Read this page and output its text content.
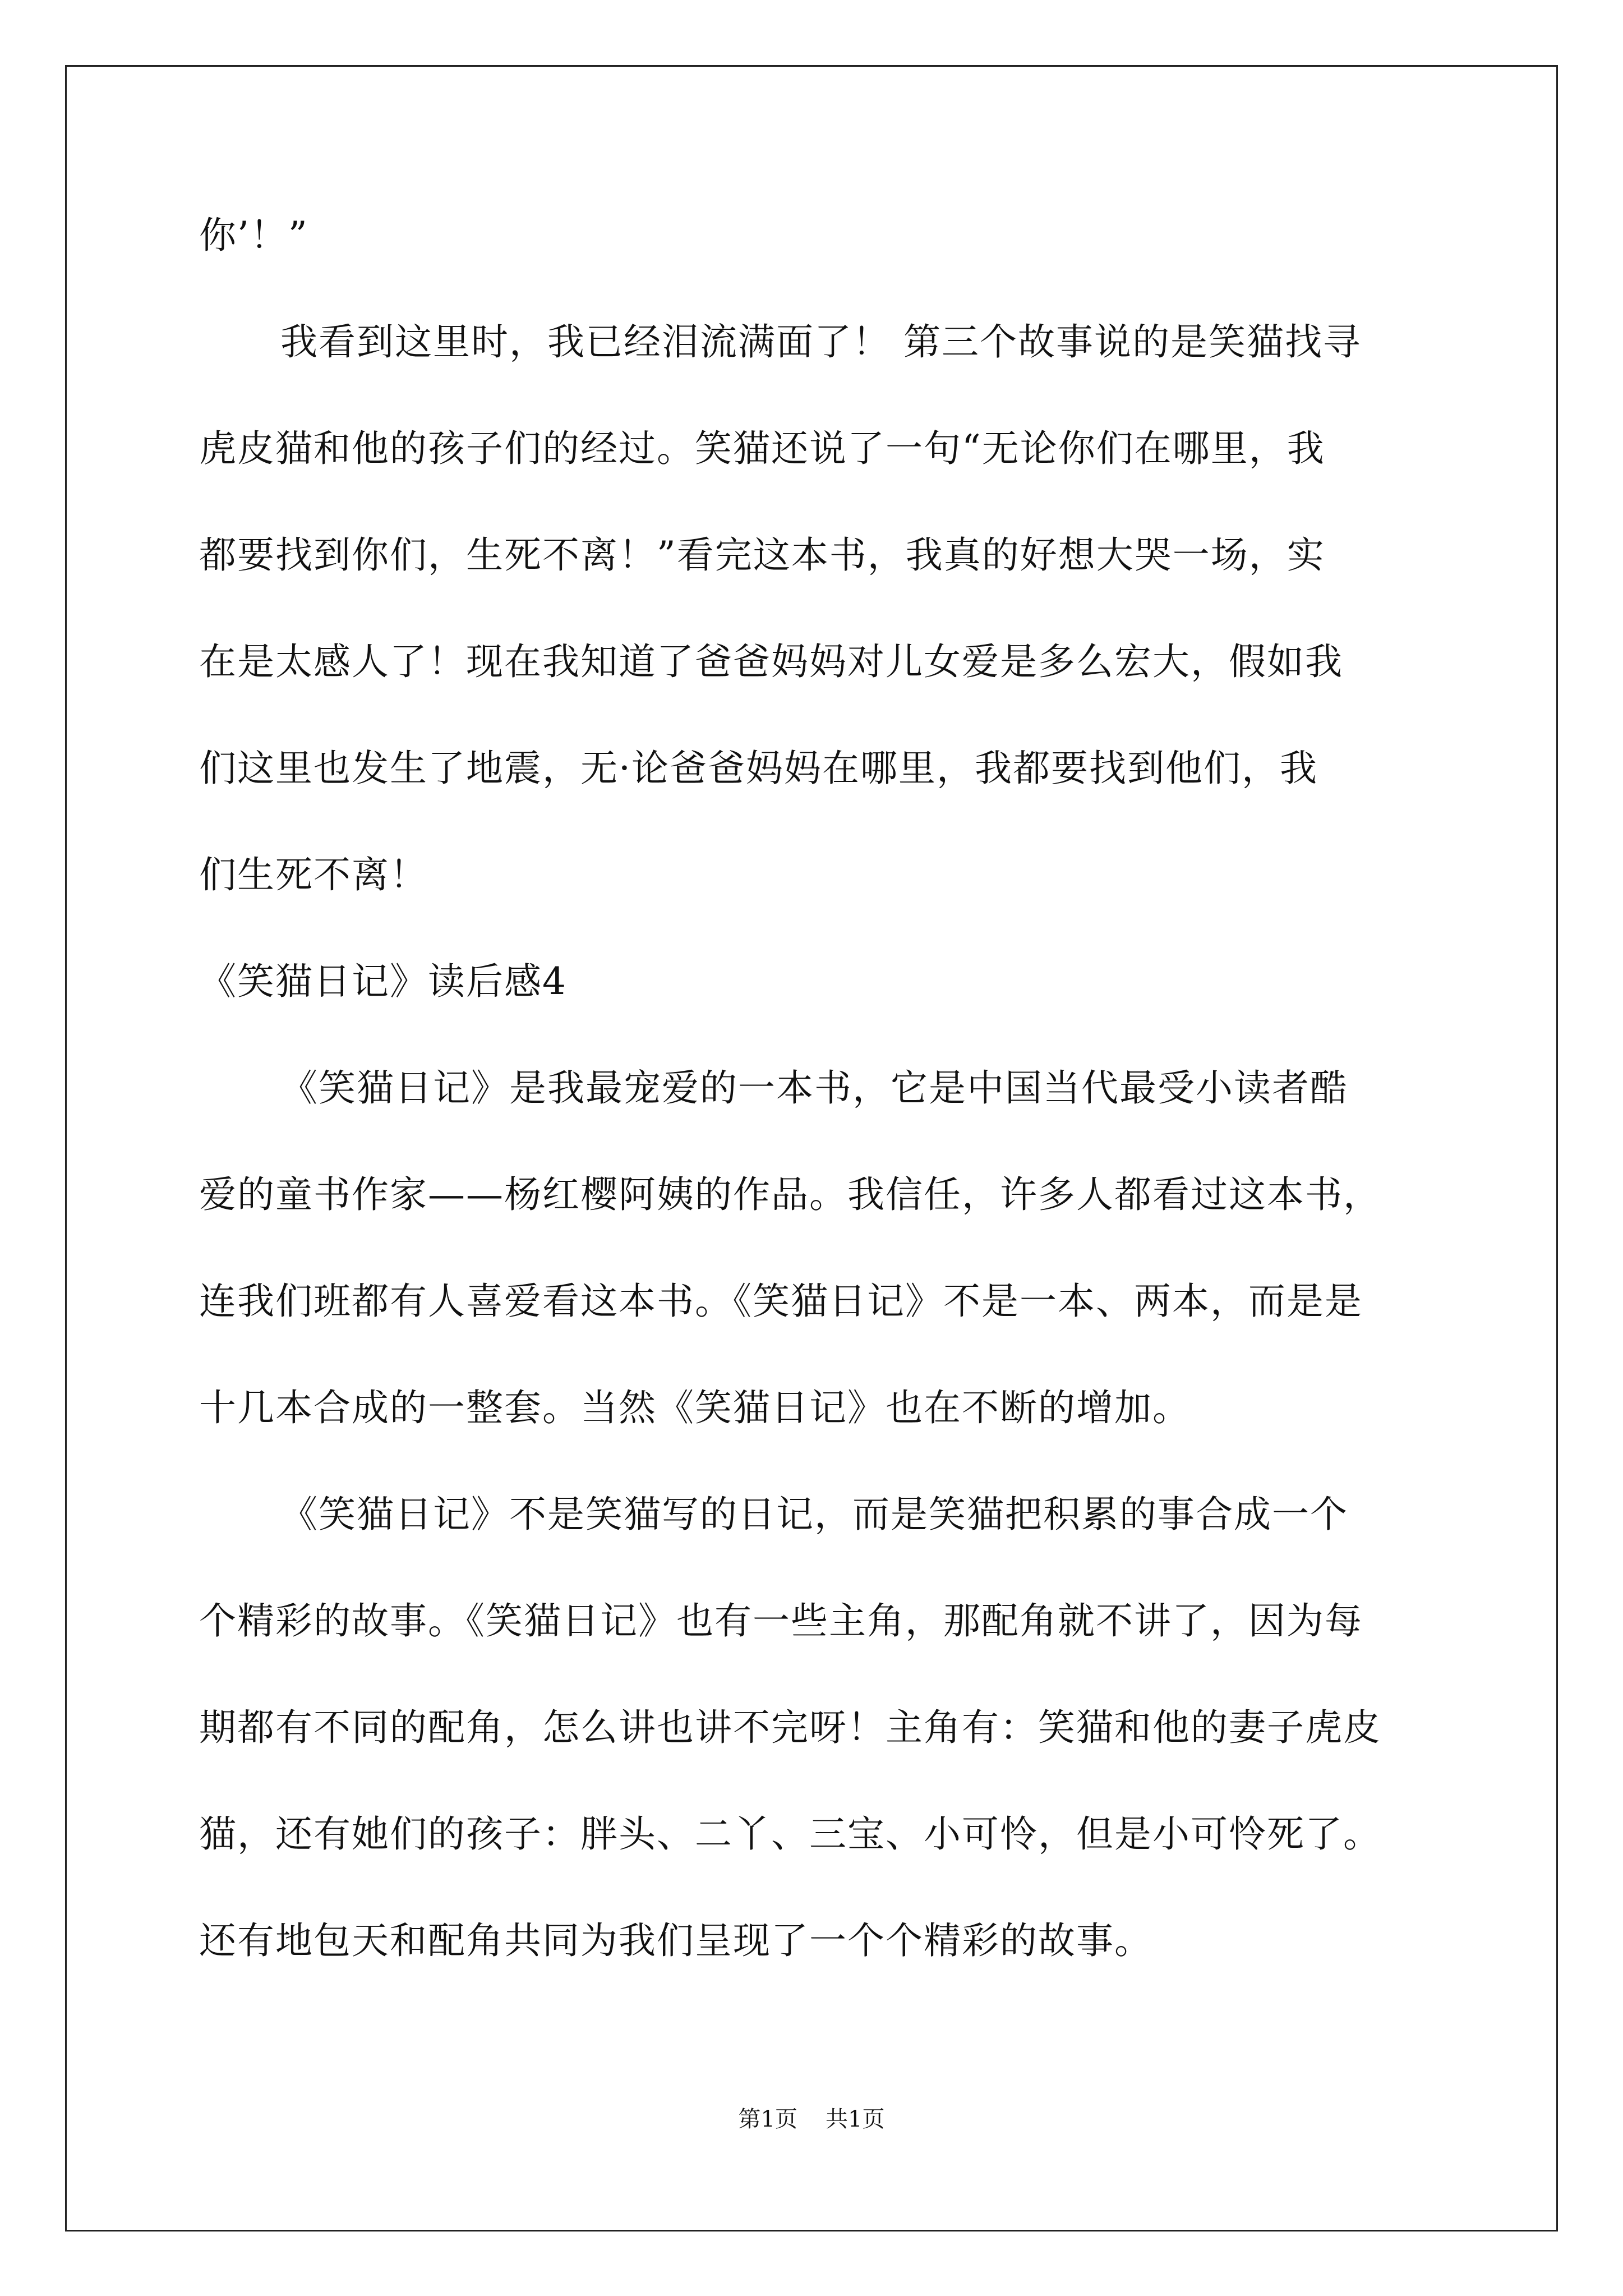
你’！”
我看到这里时，我已经泪流满面了！ 第三个故事说的是笑猫找寻
虎皮猫和他的孩子们的经过。笑猫还说了一句“无论你们在哪里，我
都要找到你们，生死不离！”看完这本书，我真的好想大哭一场，实
在是太感人了！现在我知道了爸爸妈妈对儿女爱是多么宏大，假如我
们这里也发生了地震，无·论爸爸妈妈在哪里，我都要找到他们，我
们生死不离！
《笑猫日记》读后感4
《笑猫日记》是我最宠爱的一本书，它是中国当代最受小读者酷
爱的童书作家——杨红樱阿姨的作品。我信任，许多人都看过这本书，
连我们班都有人喜爱看这本书。《笑猫日记》不是一本、两本，而是是
十几本合成的一整套。当然《笑猫日记》也在不断的增加。
《笑猫日记》不是笑猫写的日记，而是笑猫把积累的事合成一个
个精彩的故事。《笑猫日记》也有一些主角，那配角就不讲了，因为每
期都有不同的配角，怎么讲也讲不完呀！主角有：笑猫和他的妻子虎皮
猫，还有她们的孩子：胖头、二丫、三宝、小可怜，但是小可怜死了。
还有地包天和配角共同为我们呈现了一个个精彩的故事。
第1页 共1页
